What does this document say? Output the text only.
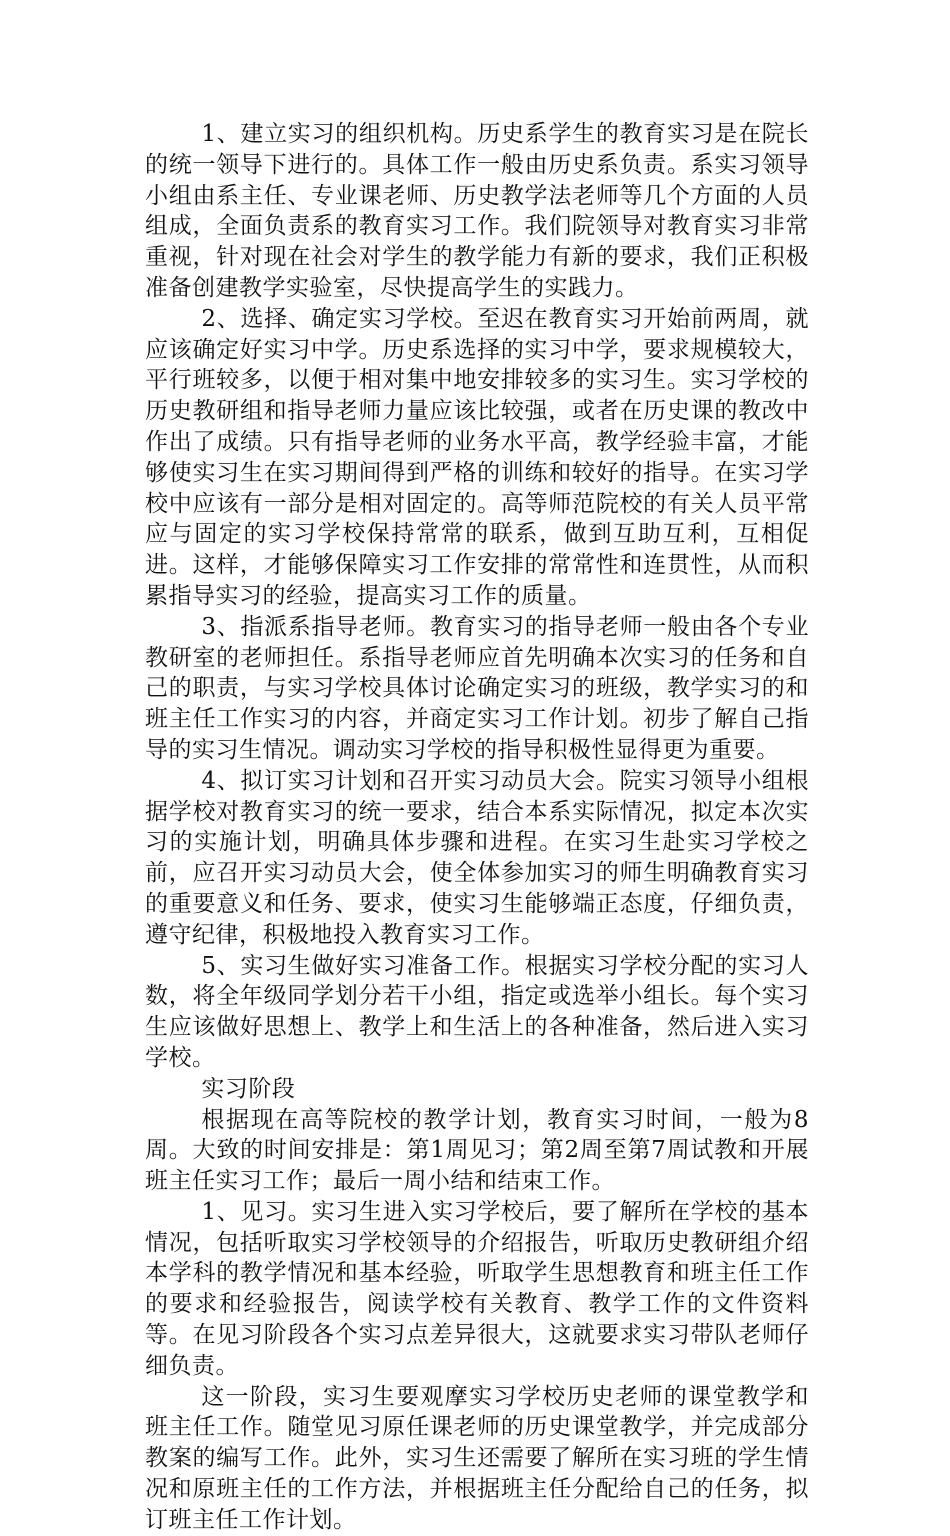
1、建立实习的组织机构。历史系学生的教育实习是在院长的统一领导下进行的。具体工作一般由历史系负责。系实习领导小组由系主任、专业课老师、历史教学法老师等几个方面的人员组成，全面负责系的教育实习工作。我们院领导对教育实习非常重视，针对现在社会对学生的教学能力有新的要求，我们正积极准备创建教学实验室，尽快提高学生的实践力。

2、选择、确定实习学校。至迟在教育实习开始前两周，就应该确定好实习中学。历史系选择的实习中学，要求规模较大，平行班较多，以便于相对集中地安排较多的实习生。实习学校的历史教研组和指导老师力量应该比较强，或者在历史课的教改中作出了成绩。只有指导老师的业务水平高，教学经验丰富，才能够使实习生在实习期间得到严格的训练和较好的指导。在实习学校中应该有一部分是相对固定的。高等师范院校的有关人员平常应与固定的实习学校保持常常的联系，做到互助互利，互相促进。这样，才能够保障实习工作安排的常常性和连贯性，从而积累指导实习的经验，提高实习工作的质量。

3、指派系指导老师。教育实习的指导老师一般由各个专业教研室的老师担任。系指导老师应首先明确本次实习的任务和自己的职责，与实习学校具体讨论确定实习的班级，教学实习的和班主任工作实习的内容，并商定实习工作计划。初步了解自己指导的实习生情况。调动实习学校的指导积极性显得更为重要。

4、拟订实习计划和召开实习动员大会。院实习领导小组根据学校对教育实习的统一要求，结合本系实际情况，拟定本次实习的实施计划，明确具体步骤和进程。在实习生赴实习学校之前，应召开实习动员大会，使全体参加实习的师生明确教育实习的重要意义和任务、要求，使实习生能够端正态度，仔细负责，遵守纪律，积极地投入教育实习工作。

5、实习生做好实习准备工作。根据实习学校分配的实习人数，将全年级同学划分若干小组，指定或选举小组长。每个实习生应该做好思想上、教学上和生活上的各种准备，然后进入实习学校。

实习阶段

根据现在高等院校的教学计划，教育实习时间，一般为8周。大致的时间安排是：第1周见习；第2周至第7周试教和开展班主任实习工作；最后一周小结和结束工作。

1、见习。实习生进入实习学校后，要了解所在学校的基本情况，包括听取实习学校领导的介绍报告，听取历史教研组介绍本学科的教学情况和基本经验，听取学生思想教育和班主任工作的要求和经验报告，阅读学校有关教育、教学工作的文件资料等。在见习阶段各个实习点差异很大，这就要求实习带队老师仔细负责。

这一阶段，实习生要观摩实习学校历史老师的课堂教学和班主任工作。随堂见习原任课老师的历史课堂教学，并完成部分教案的编写工作。此外，实习生还需要了解所在实习班的学生情况和原班主任的工作方法，并根据班主任分配给自己的任务，拟订班主任工作计划。
